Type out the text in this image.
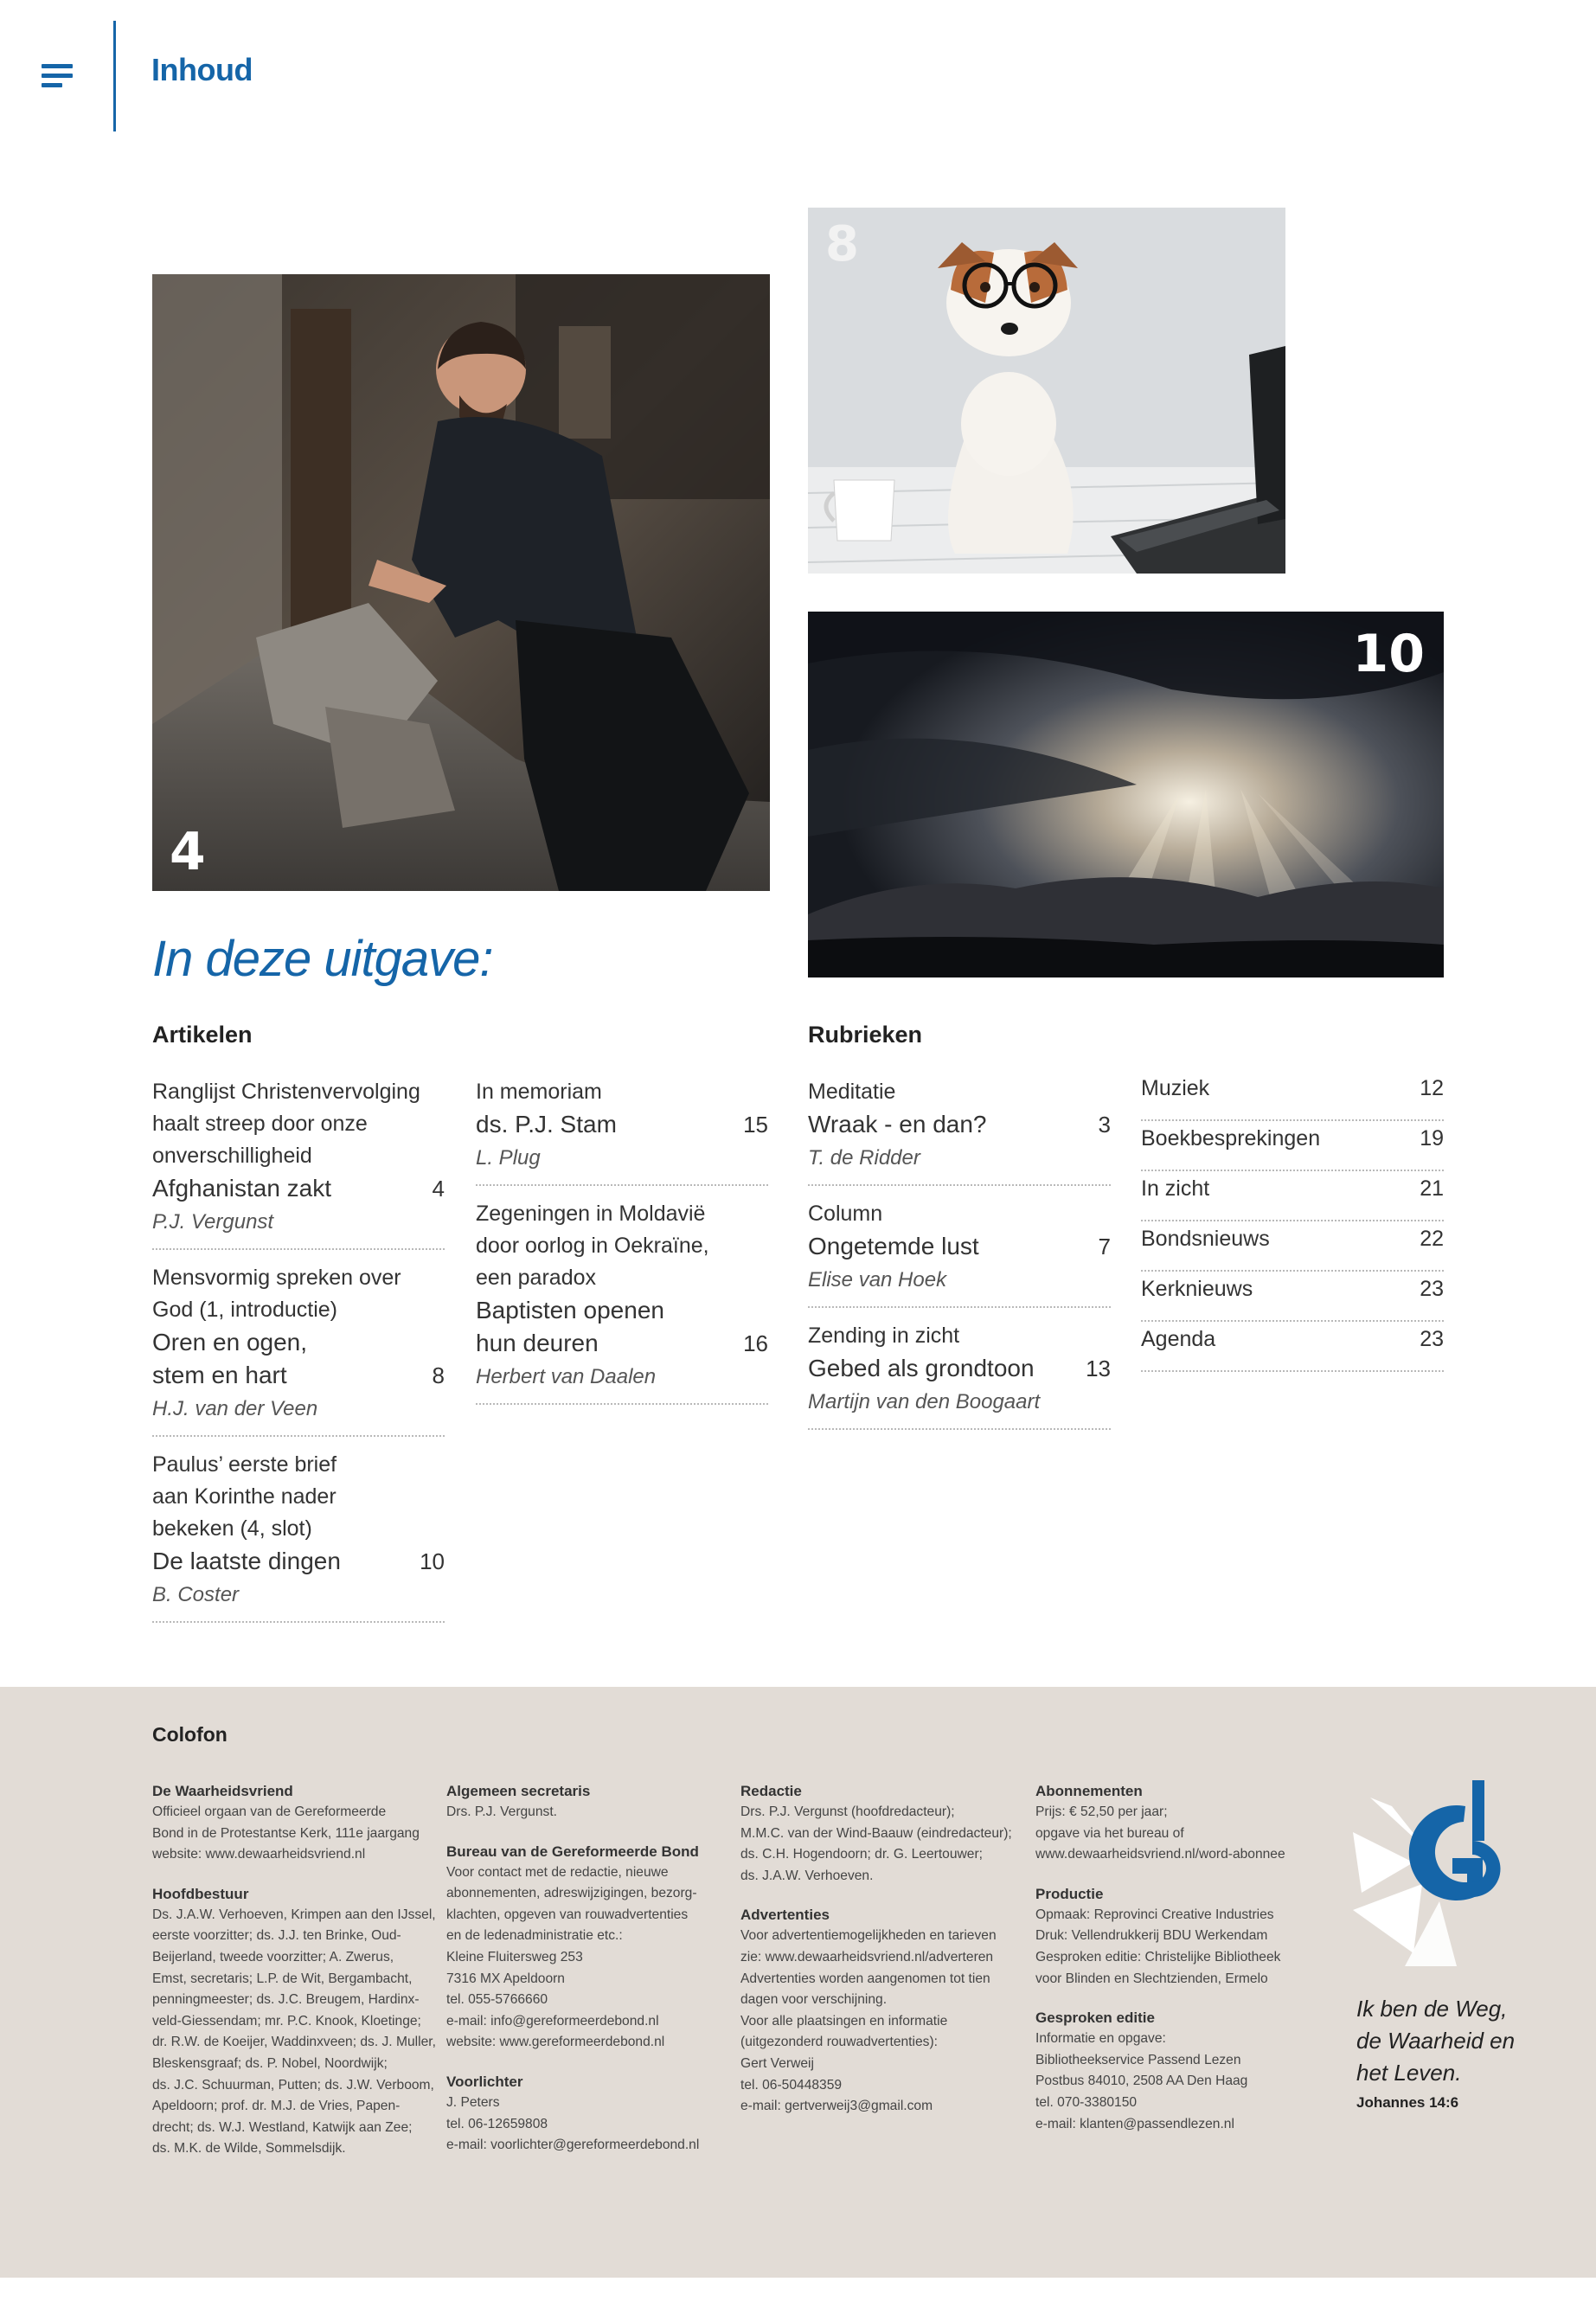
Inhoud
4
8
10
In deze uitgave:
Artikelen	Rubrieken
Ranglijst Christenvervolging
haalt streep door onze
onverschilligheid
Afghanistan zakt	4
P.J. Vergunst
Mensvormig spreken over
God (1, introductie)
Oren en ogen,
stem en hart	8
H.J. van der Veen
Paulus’ eerste brief
aan Korinthe nader
bekeken (4, slot)
De laatste dingen	10
B. Coster
In memoriam
ds. P.J. Stam	15
L. Plug
Zegeningen in Moldavië
door oorlog in Oekraïne,
een paradox
Baptisten openen
hun deuren	16
Herbert van Daalen
Meditatie
Wraak - en dan?	3
T. de Ridder
Column
Ongetemde lust	7
Elise van Hoek
Zending in zicht
Gebed als grondtoon	13
Martijn van den Boogaart
Muziek	12
Boekbesprekingen	19
In zicht	21
Bondsnieuws	22
Kerknieuws	23
Agenda	23
Colofon
De Waarheidsvriend
Officieel orgaan van de Gereformeerde
Bond in de Protestantse Kerk, 111e jaargang
website: www.dewaarheidsvriend.nl
Hoofdbestuur
Ds. J.A.W. Verhoeven, Krimpen aan den IJssel,
eerste voorzitter; ds. J.J. ten Brinke, Oud-
Beijerland, tweede voorzitter; A. Zwerus,
Emst, secretaris; L.P. de Wit, Bergambacht,
penningmeester; ds. J.C. Breugem, Hardinx-
veld-Giessendam; mr. P.C. Knook, Kloetinge;
dr. R.W. de Koeijer, Waddinxveen; ds. J. Muller,
Bleskensgraaf; ds. P. Nobel, Noordwijk;
ds. J.C. Schuurman, Putten; ds. J.W. Verboom,
Apeldoorn; prof. dr. M.J. de Vries, Papen-
drecht; ds. W.J. Westland, Katwijk aan Zee;
ds. M.K. de Wilde, Sommelsdijk.
Algemeen secretaris
Drs. P.J. Vergunst.
Bureau van de Gereformeerde Bond
Voor contact met de redactie, nieuwe
abonnementen, adreswijzigingen, bezorg-
klachten, opgeven van rouwadvertenties
en de ledenadministratie etc.:
Kleine Fluitersweg 253
7316 MX Apeldoorn
tel. 055-5766660
e-mail: info@gereformeerdebond.nl
website: www.gereformeerdebond.nl
Voorlichter
J. Peters
tel. 06-12659808
e-mail: voorlichter@gereformeerdebond.nl
Redactie
Drs. P.J. Vergunst (hoofdredacteur);
M.M.C. van der Wind-Baauw (eindredacteur);
ds. C.H. Hogendoorn; dr. G. Leertouwer;
ds. J.A.W. Verhoeven.
Advertenties
Voor advertentiemogelijkheden en tarieven
zie: www.dewaarheidsvriend.nl/adverteren
Advertenties worden aangenomen tot tien
dagen voor verschijning.
Voor alle plaatsingen en informatie
(uitgezonderd rouwadvertenties):
Gert Verweij
tel. 06-50448359
e-mail: gertverweij3@gmail.com
Abonnementen
Prijs: € 52,50 per jaar;
opgave via het bureau of
www.dewaarheidsvriend.nl/word-abonnee
Productie
Opmaak: Reprovinci Creative Industries
Druk: Vellendrukkerij BDU Werkendam
Gesproken editie: Christelijke Bibliotheek
voor Blinden en Slechtzienden, Ermelo
Gesproken editie
Informatie en opgave:
Bibliotheekservice Passend Lezen
Postbus 84010, 2508 AA Den Haag
tel. 070-3380150
e-mail: klanten@passendlezen.nl
Ik ben de Weg,
de Waarheid en
het Leven.
Johannes 14:6
